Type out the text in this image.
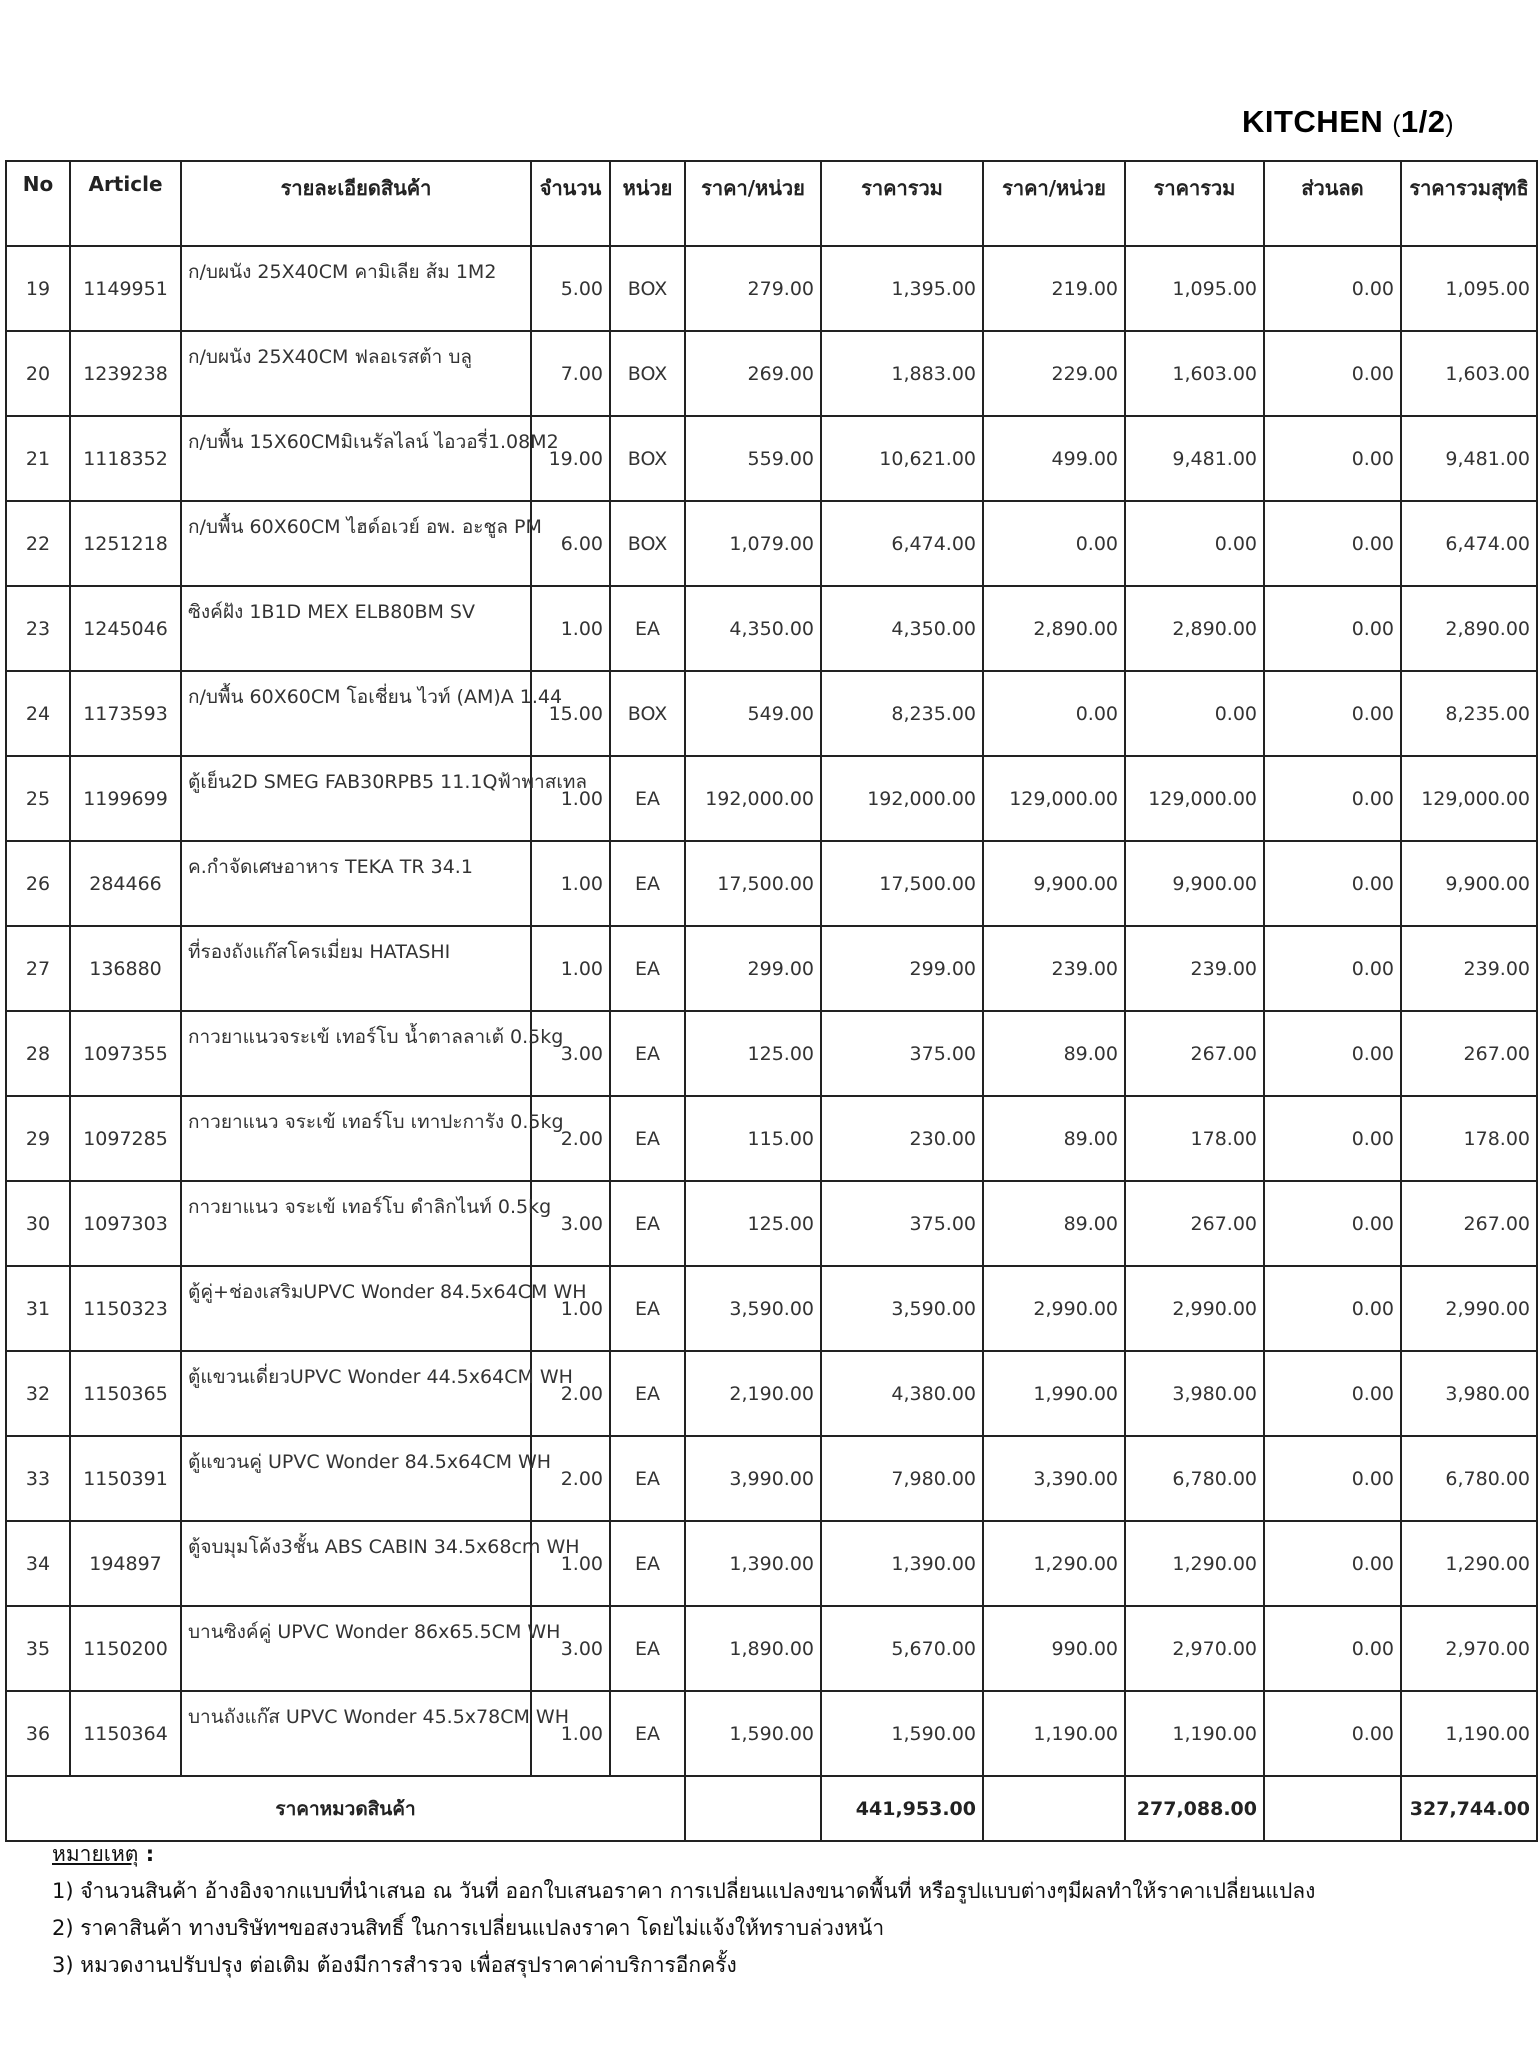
KITCHEN (1/2)
No	Article	รายละเอียดสินค้า	จำนวน	หน่วย	ราคา/หน่วย	ราคารวม	ราคา/หน่วย	ราคารวม	ส่วนลด	ราคารวมสุทธิ
19	1149951	ก/บผนัง 25X40CM คามิเลีย ส้ม 1M2	5.00	BOX	279.00	1,395.00	219.00	1,095.00	0.00	1,095.00
20	1239238	ก/บผนัง 25X40CM ฟลอเรสต้า บลู	7.00	BOX	269.00	1,883.00	229.00	1,603.00	0.00	1,603.00
21	1118352	ก/บพื้น 15X60CMมิเนรัลไลน์ ไอวอรี่1.08M2	19.00	BOX	559.00	10,621.00	499.00	9,481.00	0.00	9,481.00
22	1251218	ก/บพื้น 60X60CM ไฮด์อเวย์ อพ. อะชูล PM	6.00	BOX	1,079.00	6,474.00	0.00	0.00	0.00	6,474.00
23	1245046	ซิงค์ฝัง 1B1D MEX ELB80BM SV	1.00	EA	4,350.00	4,350.00	2,890.00	2,890.00	0.00	2,890.00
24	1173593	ก/บพื้น 60X60CM โอเชี่ยน ไวท์ (AM)A 1.44	15.00	BOX	549.00	8,235.00	0.00	0.00	0.00	8,235.00
25	1199699	ตู้เย็น2D SMEG FAB30RPB5 11.1Qฟ้าพาสเทล	1.00	EA	192,000.00	192,000.00	129,000.00	129,000.00	0.00	129,000.00
26	284466	ค.กำจัดเศษอาหาร TEKA TR 34.1	1.00	EA	17,500.00	17,500.00	9,900.00	9,900.00	0.00	9,900.00
27	136880	ที่รองถังแก๊สโครเมี่ยม HATASHI	1.00	EA	299.00	299.00	239.00	239.00	0.00	239.00
28	1097355	กาวยาแนวจระเข้ เทอร์โบ น้ำตาลลาเต้ 0.5kg	3.00	EA	125.00	375.00	89.00	267.00	0.00	267.00
29	1097285	กาวยาแนว จระเข้ เทอร์โบ เทาปะการัง 0.5kg	2.00	EA	115.00	230.00	89.00	178.00	0.00	178.00
30	1097303	กาวยาแนว จระเข้ เทอร์โบ ดำลิกไนท์ 0.5kg	3.00	EA	125.00	375.00	89.00	267.00	0.00	267.00
31	1150323	ตู้คู่+ช่องเสริมUPVC Wonder 84.5x64CM WH	1.00	EA	3,590.00	3,590.00	2,990.00	2,990.00	0.00	2,990.00
32	1150365	ตู้แขวนเดี่ยวUPVC Wonder 44.5x64CM WH	2.00	EA	2,190.00	4,380.00	1,990.00	3,980.00	0.00	3,980.00
33	1150391	ตู้แขวนคู่ UPVC Wonder 84.5x64CM WH	2.00	EA	3,990.00	7,980.00	3,390.00	6,780.00	0.00	6,780.00
34	194897	ตู้จบมุมโค้ง3ชั้น ABS CABIN 34.5x68cm WH	1.00	EA	1,390.00	1,390.00	1,290.00	1,290.00	0.00	1,290.00
35	1150200	บานซิงค์คู่ UPVC Wonder 86x65.5CM WH	3.00	EA	1,890.00	5,670.00	990.00	2,970.00	0.00	2,970.00
36	1150364	บานถังแก๊ส UPVC Wonder 45.5x78CM WH	1.00	EA	1,590.00	1,590.00	1,190.00	1,190.00	0.00	1,190.00
ราคาหมวดสินค้า						441,953.00		277,088.00		327,744.00
หมายเหตุ :
1) จำนวนสินค้า อ้างอิงจากแบบที่นำเสนอ ณ วันที่ ออกใบเสนอราคา การเปลี่ยนแปลงขนาดพื้นที่ หรือรูปแบบต่างๆมีผลทำให้ราคาเปลี่ยนแปลง
2) ราคาสินค้า ทางบริษัทฯขอสงวนสิทธิ์ ในการเปลี่ยนแปลงราคา โดยไม่แจ้งให้ทราบล่วงหน้า
3) หมวดงานปรับปรุง ต่อเติม ต้องมีการสำรวจ เพื่อสรุปราคาค่าบริการอีกครั้ง
